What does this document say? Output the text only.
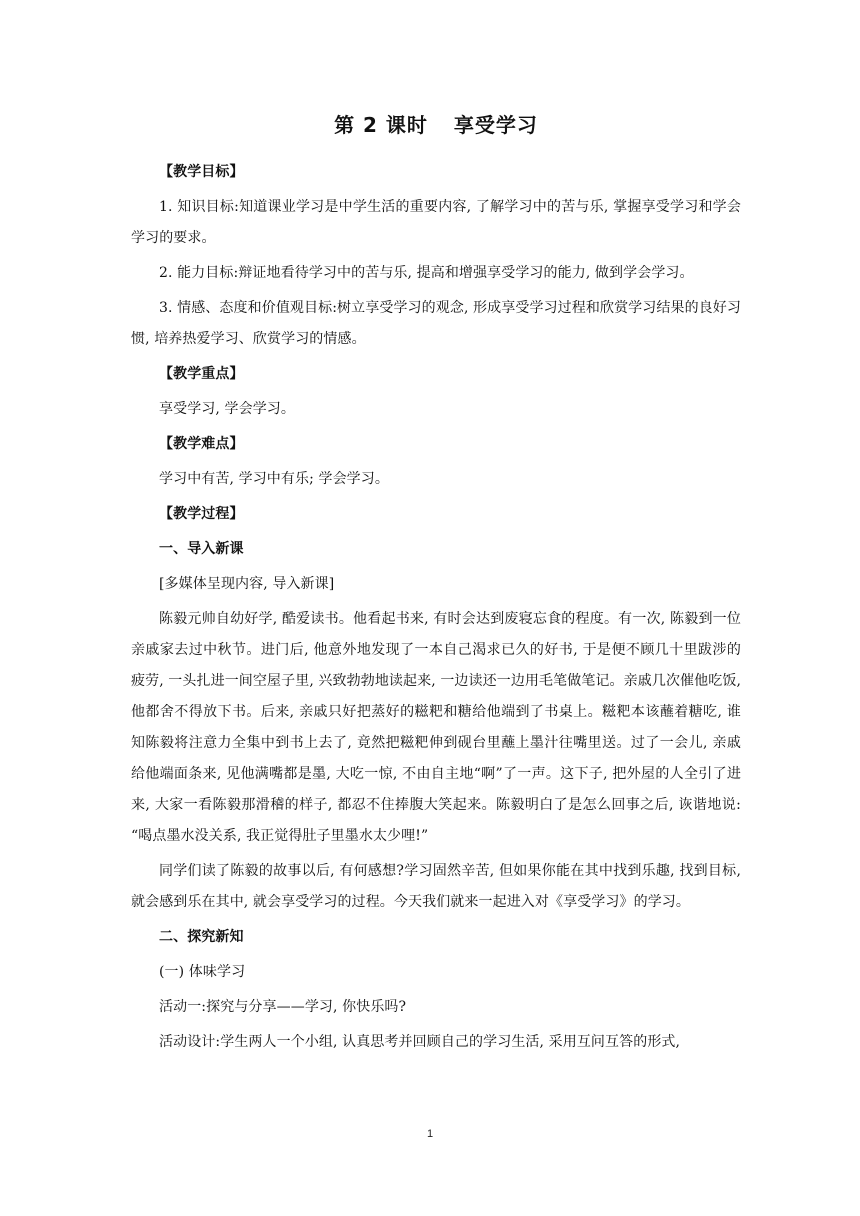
第 2 课时 享受学习

【教学目标】

1. 知识目标:知道课业学习是中学生活的重要内容, 了解学习中的苦与乐, 掌握享受学习和学会学习的要求。

2. 能力目标:辩证地看待学习中的苦与乐, 提高和增强享受学习的能力, 做到学会学习。

3. 情感、态度和价值观目标:树立享受学习的观念, 形成享受学习过程和欣赏学习结果的良好习惯, 培养热爱学习、欣赏学习的情感。

【教学重点】

享受学习, 学会学习。

【教学难点】

学习中有苦, 学习中有乐; 学会学习。

【教学过程】

一、导入新课

[多媒体呈现内容, 导入新课]

陈毅元帅自幼好学, 酷爱读书。他看起书来, 有时会达到废寝忘食的程度。有一次, 陈毅到一位亲戚家去过中秋节。进门后, 他意外地发现了一本自己渴求已久的好书, 于是便不顾几十里跋涉的疲劳, 一头扎进一间空屋子里, 兴致勃勃地读起来, 一边读还一边用毛笔做笔记。亲戚几次催他吃饭, 他都舍不得放下书。后来, 亲戚只好把蒸好的糍粑和糖给他端到了书桌上。糍粑本该蘸着糖吃, 谁知陈毅将注意力全集中到书上去了, 竟然把糍粑伸到砚台里蘸上墨汁往嘴里送。过了一会儿, 亲戚给他端面条来, 见他满嘴都是墨, 大吃一惊, 不由自主地“啊”了一声。这下子, 把外屋的人全引了进来, 大家一看陈毅那滑稽的样子, 都忍不住捧腹大笑起来。陈毅明白了是怎么回事之后, 诙谐地说: “喝点墨水没关系, 我正觉得肚子里墨水太少哩!”

同学们读了陈毅的故事以后, 有何感想?学习固然辛苦, 但如果你能在其中找到乐趣, 找到目标, 就会感到乐在其中, 就会享受学习的过程。今天我们就来一起进入对《享受学习》的学习。

二、探究新知

(一) 体味学习

活动一:探究与分享——学习, 你快乐吗?

活动设计:学生两人一个小组, 认真思考并回顾自己的学习生活, 采用互问互答的形式,

1
